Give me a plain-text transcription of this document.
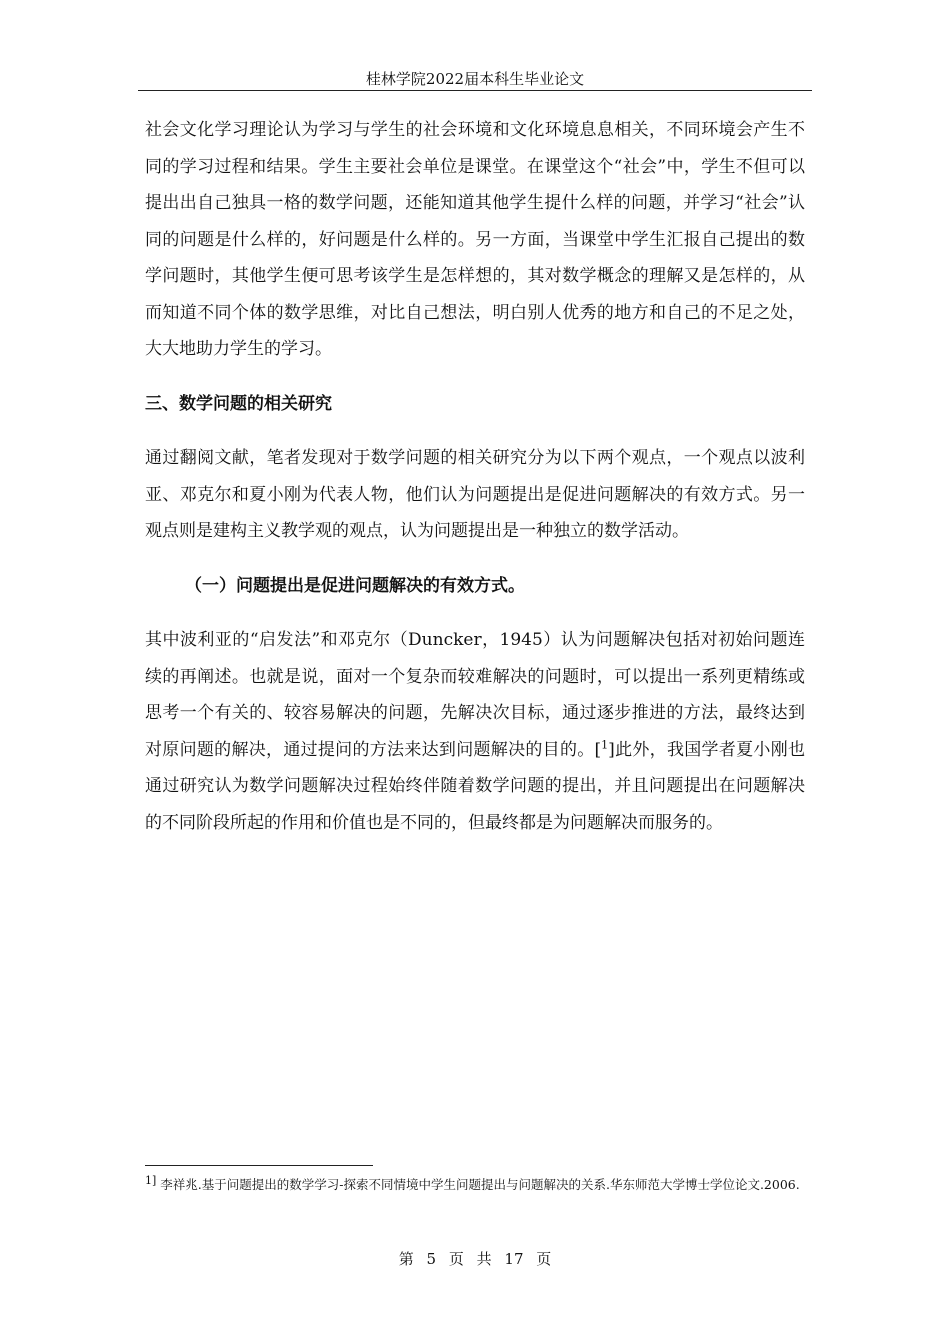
桂林学院2022届本科生毕业论文

社会文化学习理论认为学习与学生的社会环境和文化环境息息相关，不同环境会产生不同的学习过程和结果。学生主要社会单位是课堂。在课堂这个“社会”中，学生不但可以提出出自己独具一格的数学问题，还能知道其他学生提什么样的问题，并学习“社会”认同的问题是什么样的，好问题是什么样的。另一方面，当课堂中学生汇报自己提出的数学问题时，其他学生便可思考该学生是怎样想的，其对数学概念的理解又是怎样的，从而知道不同个体的数学思维，对比自己想法，明白别人优秀的地方和自己的不足之处，大大地助力学生的学习。

三、数学问题的相关研究

通过翻阅文献，笔者发现对于数学问题的相关研究分为以下两个观点，一个观点以波利亚、邓克尔和夏小刚为代表人物，他们认为问题提出是促进问题解决的有效方式。另一观点则是建构主义教学观的观点，认为问题提出是一种独立的数学活动。

（一）问题提出是促进问题解决的有效方式。

其中波利亚的“启发法”和邓克尔（Duncker，1945）认为问题解决包括对初始问题连续的再阐述。也就是说，面对一个复杂而较难解决的问题时，可以提出一系列更精练或思考一个有关的、较容易解决的问题，先解决次目标，通过逐步推进的方法，最终达到对原问题的解决，通过提问的方法来达到问题解决的目的。[$^1$]此外，我国学者夏小刚也通过研究认为数学问题解决过程始终伴随着数学问题的提出，并且问题提出在问题解决的不同阶段所起的作用和价值也是不同的，但最终都是为问题解决而服务的。

1] 李祥兆.基于问题提出的数学学习-探索不同情境中学生问题提出与问题解决的关系.华东师范大学博士学位论文.2006.
第 5 页 共 17 页
